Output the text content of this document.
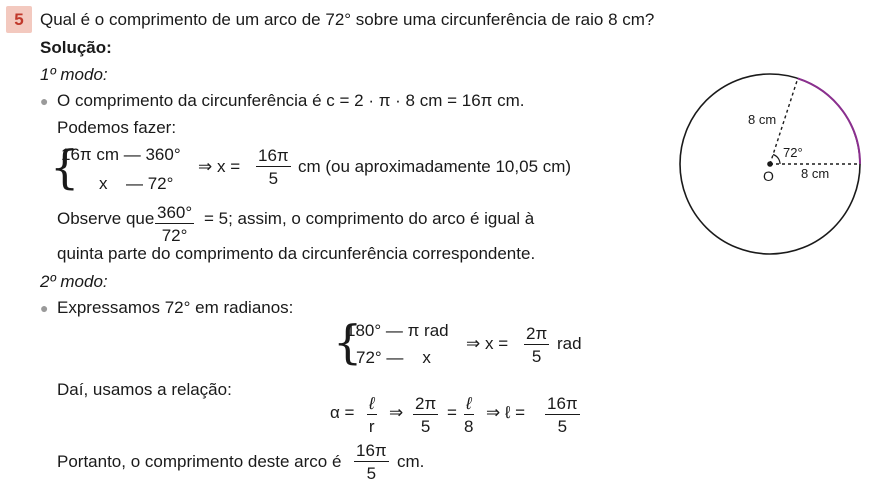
5 Qual é o comprimento de um arco de 72° sobre uma circunferência de raio 8 cm?
Solução:
1º modo:
● O comprimento da circunferência é c = 2 · π · 8 cm = 16π cm.
Podemos fazer:
{
16π cm — 360°
x — 72°
⇒ $x = \frac{16\pi}{5}$ cm (ou aproximadamente 10,05 cm)
Observe que $\frac{360^\circ}{72^\circ} = 5$; assim, o comprimento do arco é igual à
quinta parte do comprimento da circunferência correspondente.
2º modo:
● Expressamos 72° em radianos:
{
180° — π rad
72° —    x
⇒ $x = \frac{2\pi}{5}$ rad
Daí, usamos a relação:
α = ℓ
r
⇒ $\frac{2\pi}{5}$ = ℓ
8
⇒ ℓ = $\frac{16\pi}{5}$
Portanto, o comprimento deste arco é $\frac{16\pi}{5}$ cm.
O
72°
8 cm
8 cm
